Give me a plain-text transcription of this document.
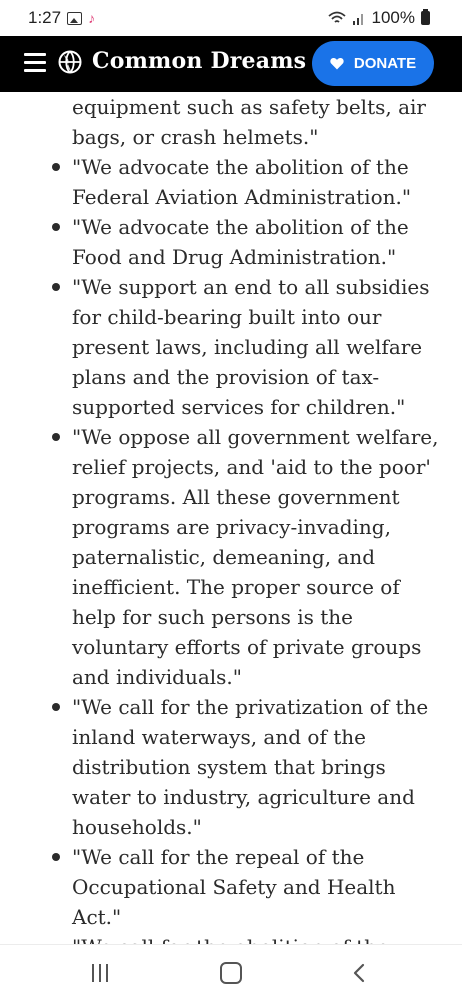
1:27 ♪	100%
Common Dreams	DONATE
equipment such as safety belts, air
bags, or crash helmets."
"We advocate the abolition of the
Federal Aviation Administration."
"We advocate the abolition of the
Food and Drug Administration."
"We support an end to all subsidies
for child-bearing built into our
present laws, including all welfare
plans and the provision of tax-
supported services for children."
"We oppose all government welfare,
relief projects, and 'aid to the poor'
programs. All these government
programs are privacy-invading,
paternalistic, demeaning, and
inefficient. The proper source of
help for such persons is the
voluntary efforts of private groups
and individuals."
"We call for the privatization of the
inland waterways, and of the
distribution system that brings
water to industry, agriculture and
households."
"We call for the repeal of the
Occupational Safety and Health
Act."
